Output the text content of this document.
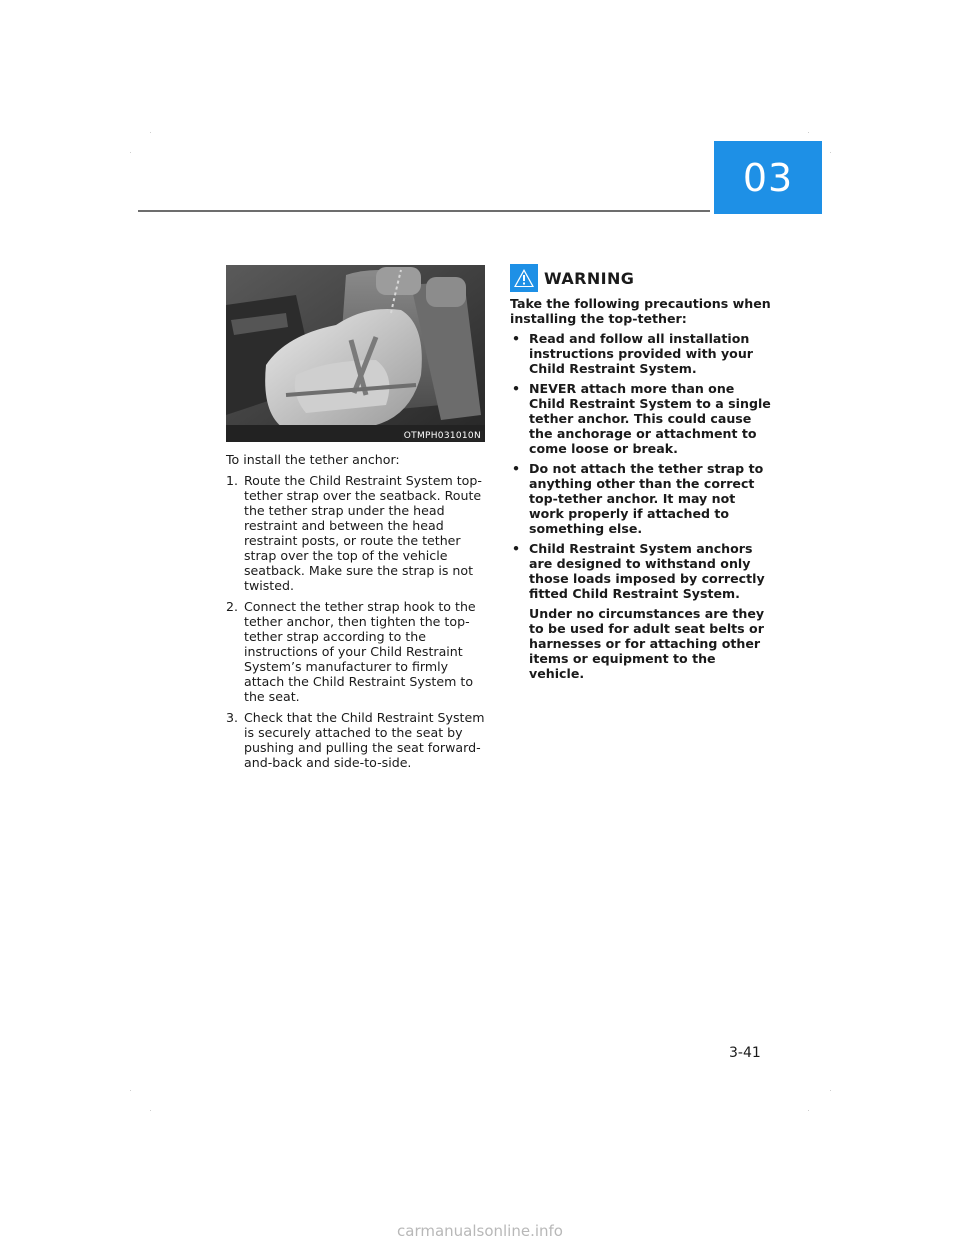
03
OTMPH031010N

To install the tether anchor:

1. Route the Child Restraint System top-tether strap over the seatback. Route the tether strap under the head restraint and between the head restraint posts, or route the tether strap over the top of the vehicle seatback. Make sure the strap is not twisted.
2. Connect the tether strap hook to the tether anchor, then tighten the top-tether strap according to the instructions of your Child Restraint System’s manufacturer to firmly attach the Child Restraint System to the seat.
3. Check that the Child Restraint System is securely attached to the seat by pushing and pulling the seat forward-and-back and side-to-side.
WARNING

Take the following precautions when installing the top-tether:

• Read and follow all installation instructions provided with your Child Restraint System.
• NEVER attach more than one Child Restraint System to a single tether anchor. This could cause the anchorage or attachment to come loose or break.
• Do not attach the tether strap to anything other than the correct top-tether anchor. It may not work properly if attached to something else.
• Child Restraint System anchors are designed to withstand only those loads imposed by correctly fitted Child Restraint System.
Under no circumstances are they to be used for adult seat belts or harnesses or for attaching other items or equipment to the vehicle.
3-41
carmanualsonline.info
